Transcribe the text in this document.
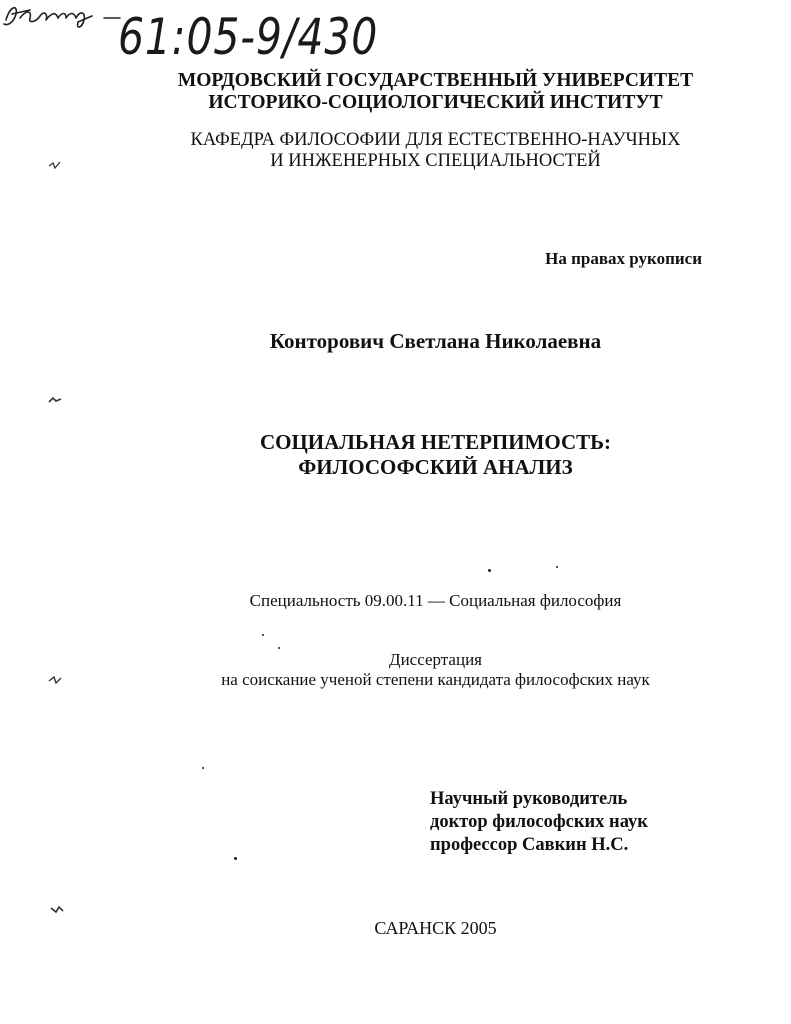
61:05-9/430
МОРДОВСКИЙ ГОСУДАРСТВЕННЫЙ УНИВЕРСИТЕТ
ИСТОРИКО-СОЦИОЛОГИЧЕСКИЙ ИНСТИТУТ
КАФЕДРА ФИЛОСОФИИ ДЛЯ ЕСТЕСТВЕННО-НАУЧНЫХ
И ИНЖЕНЕРНЫХ СПЕЦИАЛЬНОСТЕЙ
На правах рукописи
Конторович Светлана Николаевна
СОЦИАЛЬНАЯ НЕТЕРПИМОСТЬ:
ФИЛОСОФСКИЙ АНАЛИЗ
Специальность 09.00.11 — Социальная философия
Диссертация
на соискание ученой степени кандидата философских наук
Научный руководитель
доктор философских наук
профессор Савкин Н.С.
САРАНСК 2005
